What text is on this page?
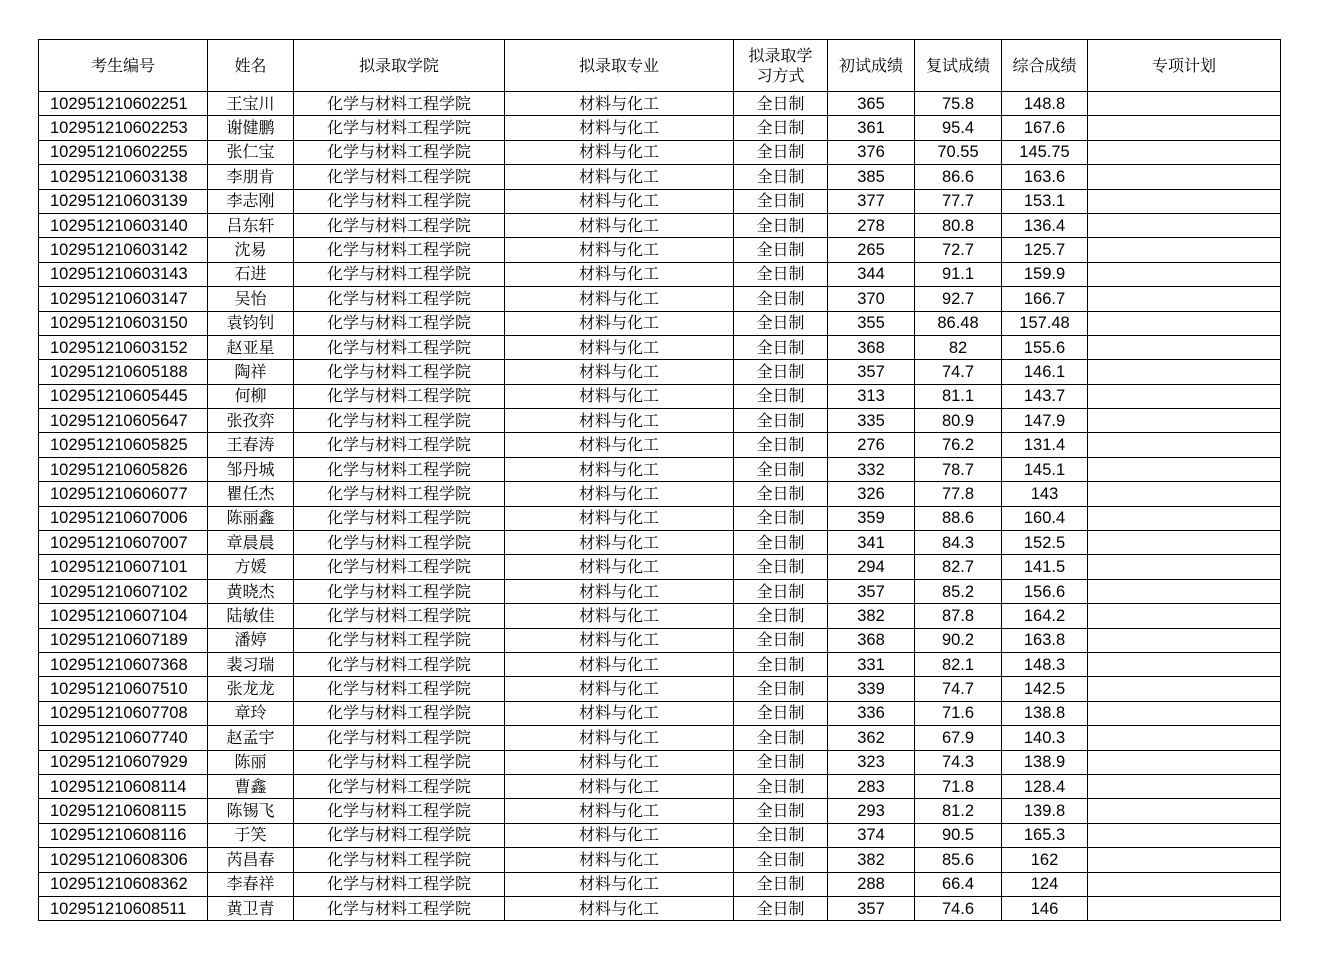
考生编号	姓名	拟录取学院	拟录取专业	拟录取学习方式	初试成绩	复试成绩	综合成绩	专项计划
102951210602251	王宝川	化学与材料工程学院	材料与化工	全日制	365	75.8	148.8	
102951210602253	谢健鹏	化学与材料工程学院	材料与化工	全日制	361	95.4	167.6	
102951210602255	张仁宝	化学与材料工程学院	材料与化工	全日制	376	70.55	145.75	
102951210603138	李朋肯	化学与材料工程学院	材料与化工	全日制	385	86.6	163.6	
102951210603139	李志刚	化学与材料工程学院	材料与化工	全日制	377	77.7	153.1	
102951210603140	吕东轩	化学与材料工程学院	材料与化工	全日制	278	80.8	136.4	
102951210603142	沈易	化学与材料工程学院	材料与化工	全日制	265	72.7	125.7	
102951210603143	石进	化学与材料工程学院	材料与化工	全日制	344	91.1	159.9	
102951210603147	吴怡	化学与材料工程学院	材料与化工	全日制	370	92.7	166.7	
102951210603150	袁钧钊	化学与材料工程学院	材料与化工	全日制	355	86.48	157.48	
102951210603152	赵亚星	化学与材料工程学院	材料与化工	全日制	368	82	155.6	
102951210605188	陶祥	化学与材料工程学院	材料与化工	全日制	357	74.7	146.1	
102951210605445	何柳	化学与材料工程学院	材料与化工	全日制	313	81.1	143.7	
102951210605647	张孜弈	化学与材料工程学院	材料与化工	全日制	335	80.9	147.9	
102951210605825	王春涛	化学与材料工程学院	材料与化工	全日制	276	76.2	131.4	
102951210605826	邹丹城	化学与材料工程学院	材料与化工	全日制	332	78.7	145.1	
102951210606077	瞿任杰	化学与材料工程学院	材料与化工	全日制	326	77.8	143	
102951210607006	陈丽鑫	化学与材料工程学院	材料与化工	全日制	359	88.6	160.4	
102951210607007	章晨晨	化学与材料工程学院	材料与化工	全日制	341	84.3	152.5	
102951210607101	方媛	化学与材料工程学院	材料与化工	全日制	294	82.7	141.5	
102951210607102	黄晓杰	化学与材料工程学院	材料与化工	全日制	357	85.2	156.6	
102951210607104	陆敏佳	化学与材料工程学院	材料与化工	全日制	382	87.8	164.2	
102951210607189	潘婷	化学与材料工程学院	材料与化工	全日制	368	90.2	163.8	
102951210607368	裴习瑞	化学与材料工程学院	材料与化工	全日制	331	82.1	148.3	
102951210607510	张龙龙	化学与材料工程学院	材料与化工	全日制	339	74.7	142.5	
102951210607708	章玲	化学与材料工程学院	材料与化工	全日制	336	71.6	138.8	
102951210607740	赵孟宇	化学与材料工程学院	材料与化工	全日制	362	67.9	140.3	
102951210607929	陈丽	化学与材料工程学院	材料与化工	全日制	323	74.3	138.9	
102951210608114	曹鑫	化学与材料工程学院	材料与化工	全日制	283	71.8	128.4	
102951210608115	陈锡飞	化学与材料工程学院	材料与化工	全日制	293	81.2	139.8	
102951210608116	于笑	化学与材料工程学院	材料与化工	全日制	374	90.5	165.3	
102951210608306	芮昌春	化学与材料工程学院	材料与化工	全日制	382	85.6	162	
102951210608362	李春祥	化学与材料工程学院	材料与化工	全日制	288	66.4	124	
102951210608511	黄卫青	化学与材料工程学院	材料与化工	全日制	357	74.6	146	
